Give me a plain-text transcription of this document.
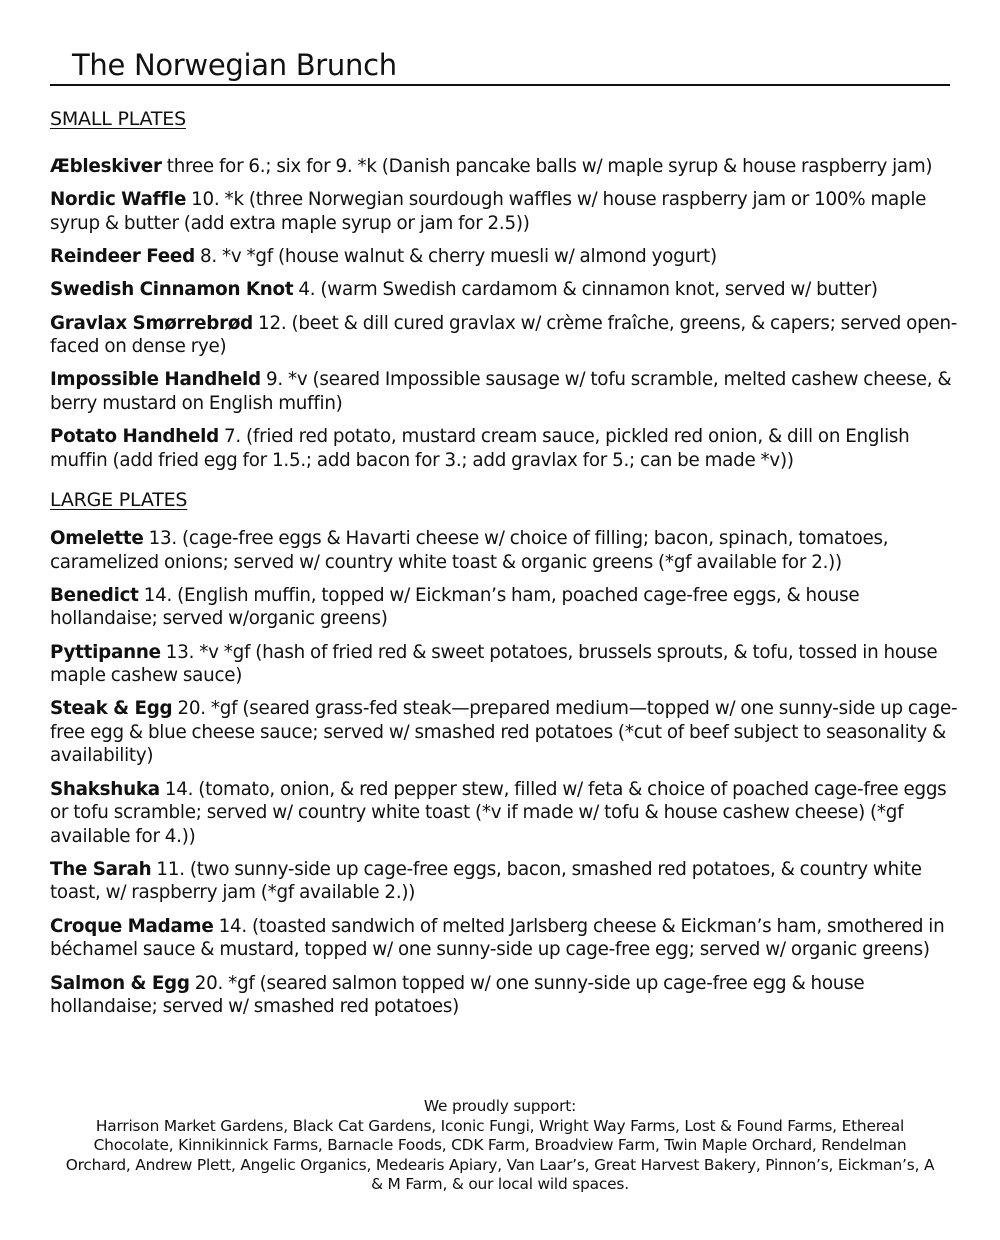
The Norwegian Brunch
SMALL PLATES
Æbleskiver three for 6.; six for 9. *k (Danish pancake balls w/ maple syrup & house raspberry jam)
Nordic Waffle 10. *k (three Norwegian sourdough waffles w/ house raspberry jam or 100% maple syrup & butter (add extra maple syrup or jam for 2.5))
Reindeer Feed 8. *v *gf (house walnut & cherry muesli w/ almond yogurt)
Swedish Cinnamon Knot 4. (warm Swedish cardamom & cinnamon knot, served w/ butter)
Gravlax Smørrebrød 12. (beet & dill cured gravlax w/ crème fraîche, greens, & capers; served open-faced on dense rye)
Impossible Handheld 9. *v (seared Impossible sausage w/ tofu scramble, melted cashew cheese, & berry mustard on English muffin)
Potato Handheld 7. (fried red potato, mustard cream sauce, pickled red onion, & dill on English muffin (add fried egg for 1.5.; add bacon for 3.; add gravlax for 5.; can be made *v))
LARGE PLATES
Omelette 13. (cage-free eggs & Havarti cheese w/ choice of filling; bacon, spinach, tomatoes, caramelized onions; served w/ country white toast & organic greens (*gf available for 2.))
Benedict 14. (English muffin, topped w/ Eickman’s ham, poached cage-free eggs, & house hollandaise; served w/organic greens)
Pyttipanne 13. *v *gf (hash of fried red & sweet potatoes, brussels sprouts, & tofu, tossed in house maple cashew sauce)
Steak & Egg 20. *gf (seared grass-fed steak—prepared medium—topped w/ one sunny-side up cage-free egg & blue cheese sauce; served w/ smashed red potatoes (*cut of beef subject to seasonality & availability)
Shakshuka 14. (tomato, onion, & red pepper stew, filled w/ feta & choice of poached cage-free eggs or tofu scramble; served w/ country white toast (*v if made w/ tofu & house cashew cheese) (*gf available for 4.))
The Sarah 11. (two sunny-side up cage-free eggs, bacon, smashed red potatoes, & country white toast, w/ raspberry jam (*gf available 2.))
Croque Madame 14. (toasted sandwich of melted Jarlsberg cheese & Eickman’s ham, smothered in béchamel sauce & mustard, topped w/ one sunny-side up cage-free egg; served w/ organic greens)
Salmon & Egg 20. *gf (seared salmon topped w/ one sunny-side up cage-free egg & house hollandaise; served w/ smashed red potatoes)
We proudly support:
Harrison Market Gardens, Black Cat Gardens, Iconic Fungi, Wright Way Farms, Lost & Found Farms, Ethereal Chocolate, Kinnikinnick Farms, Barnacle Foods, CDK Farm, Broadview Farm, Twin Maple Orchard, Rendelman Orchard, Andrew Plett, Angelic Organics, Medearis Apiary, Van Laar’s, Great Harvest Bakery, Pinnon’s, Eickman’s, A & M Farm, & our local wild spaces.
